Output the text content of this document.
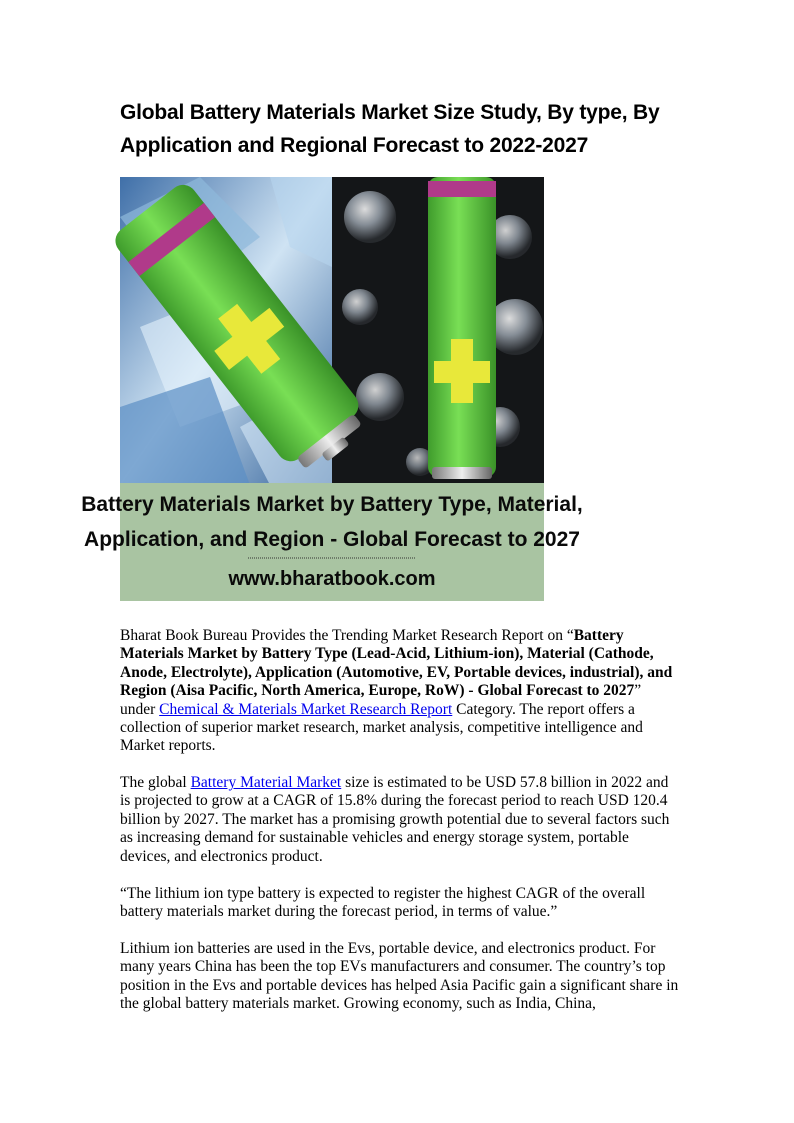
Global Battery Materials Market Size Study, By type, By Application and Regional Forecast to 2022-2027
Battery Materials Market by Battery Type, Material,
Application, and Region - Global Forecast to 2027
www.bharatbook.com

Bharat Book Bureau Provides the Trending Market Research Report on “Battery Materials Market by Battery Type (Lead-Acid, Lithium-ion), Material (Cathode, Anode, Electrolyte), Application (Automotive, EV, Portable devices, industrial), and Region (Aisa Pacific, North America, Europe, RoW) - Global Forecast to 2027” under Chemical & Materials Market Research Report Category. The report offers a collection of superior market research, market analysis, competitive intelligence and Market reports.

The global Battery Material Market size is estimated to be USD 57.8 billion in 2022 and is projected to grow at a CAGR of 15.8% during the forecast period to reach USD 120.4 billion by 2027. The market has a promising growth potential due to several factors such as increasing demand for sustainable vehicles and energy storage system, portable devices, and electronics product.

“The lithium ion type battery is expected to register the highest CAGR of the overall battery materials market during the forecast period, in terms of value.”

Lithium ion batteries are used in the Evs, portable device, and electronics product. For many years China has been the top EVs manufacturers and consumer. The country’s top position in the Evs and portable devices has helped Asia Pacific gain a significant share in the global battery materials market. Growing economy, such as India, China,
